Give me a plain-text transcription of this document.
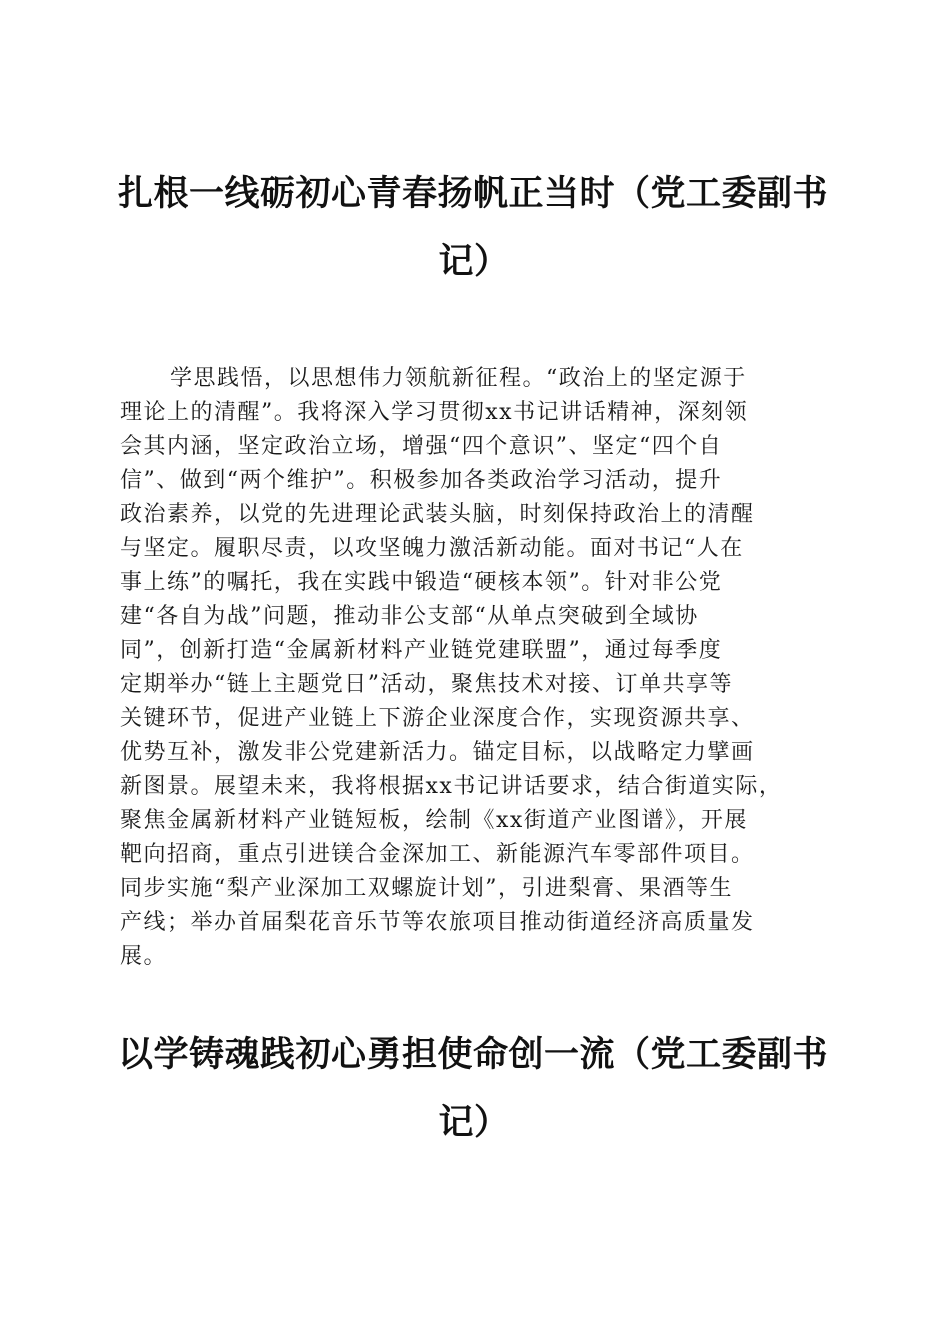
扎根一线砺初心青春扬帆正当时（党工委副书
记）
学思践悟，以思想伟力领航新征程。“政治上的坚定源于
理论上的清醒”。我将深入学习贯彻xx书记讲话精神，深刻领
会其内涵，坚定政治立场，增强“四个意识”、坚定“四个自
信”、做到“两个维护”。积极参加各类政治学习活动，提升
政治素养，以党的先进理论武装头脑，时刻保持政治上的清醒
与坚定。履职尽责，以攻坚魄力激活新动能。面对书记“人在
事上练”的嘱托，我在实践中锻造“硬核本领”。针对非公党
建“各自为战”问题，推动非公支部“从单点突破到全域协
同”，创新打造“金属新材料产业链党建联盟”，通过每季度
定期举办“链上主题党日”活动，聚焦技术对接、订单共享等
关键环节，促进产业链上下游企业深度合作，实现资源共享、
优势互补，激发非公党建新活力。锚定目标，以战略定力擘画
新图景。展望未来，我将根据xx书记讲话要求，结合街道实际，
聚焦金属新材料产业链短板，绘制《xx街道产业图谱》，开展
靶向招商，重点引进镁合金深加工、新能源汽车零部件项目。
同步实施“梨产业深加工双螺旋计划”，引进梨膏、果酒等生
产线；举办首届梨花音乐节等农旅项目推动街道经济高质量发
展。
以学铸魂践初心勇担使命创一流（党工委副书
记）
